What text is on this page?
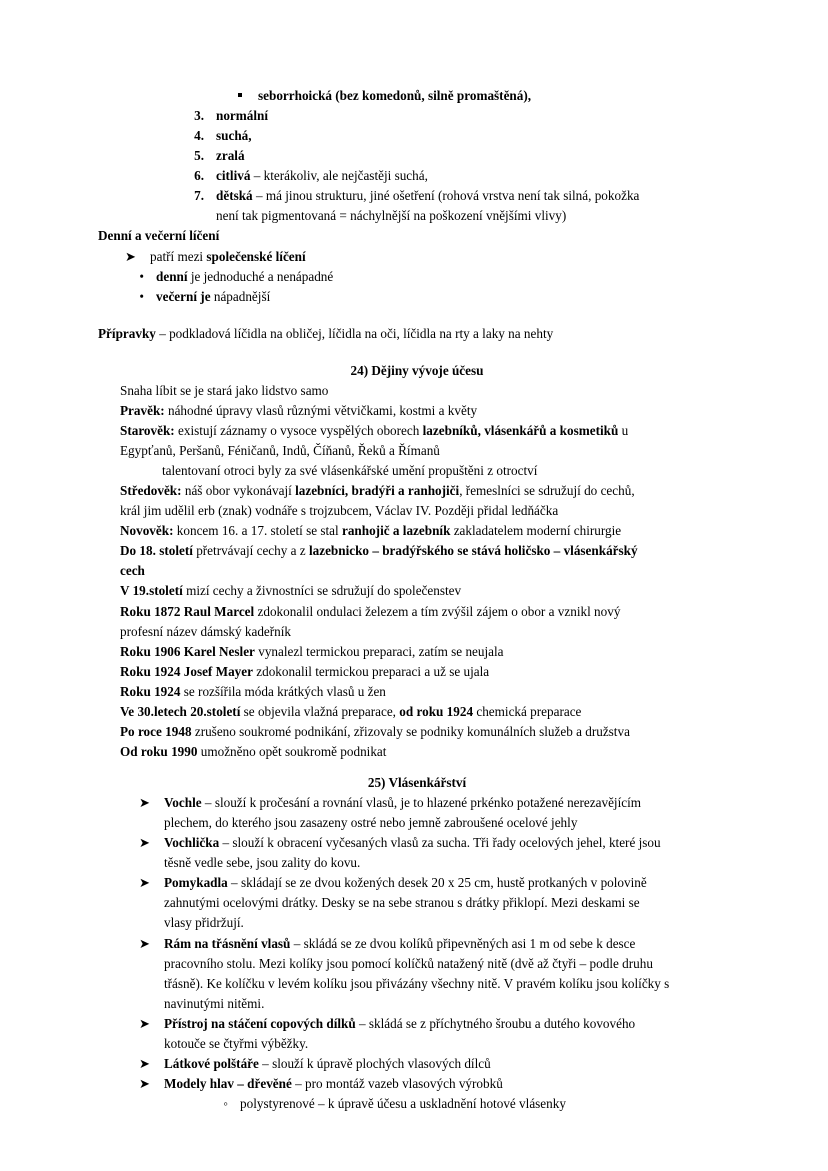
seborrhoická (bez komedonů, silně promaštěná),
3. normální
4. suchá,
5. zralá
6. citlivá – kterákoliv, ale nejčastěji suchá,
7. dětská – má jinou strukturu, jiné ošetření (rohová vrstva není tak silná, pokožka

není tak pigmentovaná = náchylnější na poškození vnějšími vlivy)

Denní a večerní líčení

➤ patří mezi společenské líčení
• denní je jednoduché a nenápadné
• večerní je nápadnější

Přípravky – podkladová líčidla na obličej, líčidla na oči, líčidla na rty a laky na nehty

24) Dějiny vývoje účesu

Snaha líbit se je stará jako lidstvo samo

Pravěk: náhodné úpravy vlasů různými větvičkami, kostmi a květy

Starověk: existují záznamy o vysoce vyspělých oborech lazebníků, vlásenkářů a kosmetiků u

Egypťanů, Peršanů, Féničanů, Indů, Číňanů, Řeků a Římanů

talentovaní otroci byly za své vlásenkářské umění propuštěni z otroctví

Středověk: náš obor vykonávají lazebníci, bradýři a ranhojiči, řemeslníci se sdružují do cechů,

král jim udělil erb (znak) vodnáře s trojzubcem, Václav IV. Později přidal ledňáčka

Novověk: koncem 16. a 17. století se stal ranhojič a lazebník zakladatelem moderní chirurgie

Do 18. století přetrvávají cechy a z lazebnicko – bradýřského se stává holičsko – vlásenkářský

cech

V 19.století mizí cechy a živnostníci se sdružují do společenstev

Roku 1872 Raul Marcel zdokonalil ondulaci železem a tím zvýšil zájem o obor a vznikl nový

profesní název dámský kadeřník

Roku 1906 Karel Nesler vynalezl termickou preparaci, zatím se neujala

Roku 1924 Josef Mayer zdokonalil termickou preparaci a už se ujala

Roku 1924 se rozšířila móda krátkých vlasů u žen

Ve 30.letech 20.století se objevila vlažná preparace, od roku 1924 chemická preparace

Po roce 1948 zrušeno soukromé podnikání, zřizovaly se podniky komunálních služeb a družstva

Od roku 1990 umožněno opět soukromě podnikat

25) Vlásenkářství

➤ Vochle – slouží k pročesání a rovnání vlasů, je to hlazené prkénko potažené nerezavějícím
plechem, do kterého jsou zasazeny ostré nebo jemně zabroušené ocelové jehly
➤ Vochlička – slouží k obracení vyčesaných vlasů za sucha. Tři řady ocelových jehel, které jsou
těsně vedle sebe, jsou zality do kovu.
➤ Pomykadla – skládají se ze dvou kožených desek 20 x 25 cm, hustě protkaných v polovině
zahnutými ocelovými drátky. Desky se na sebe stranou s drátky přiklopí. Mezi deskami se
vlasy přidržují.
➤ Rám na třásnění vlasů – skládá se ze dvou kolíků připevněných asi 1 m od sebe k desce
pracovního stolu. Mezi kolíky jsou pomocí kolíčků natažený nitě (dvě až čtyři – podle druhu
třásně). Ke kolíčku v levém kolíku jsou přivázány všechny nitě. V pravém kolíku jsou kolíčky s
navinutými nitěmi.
➤ Přístroj na stáčení copových dílků – skládá se z příchytného šroubu a dutého kovového
kotouče se čtyřmi výběžky.
➤ Látkové polštáře – slouží k úpravě plochých vlasových dílců
➤ Modely hlav – dřevěné – pro montáž vazeb vlasových výrobků
◦ polystyrenové – k úpravě účesu a uskladnění hotové vlásenky
